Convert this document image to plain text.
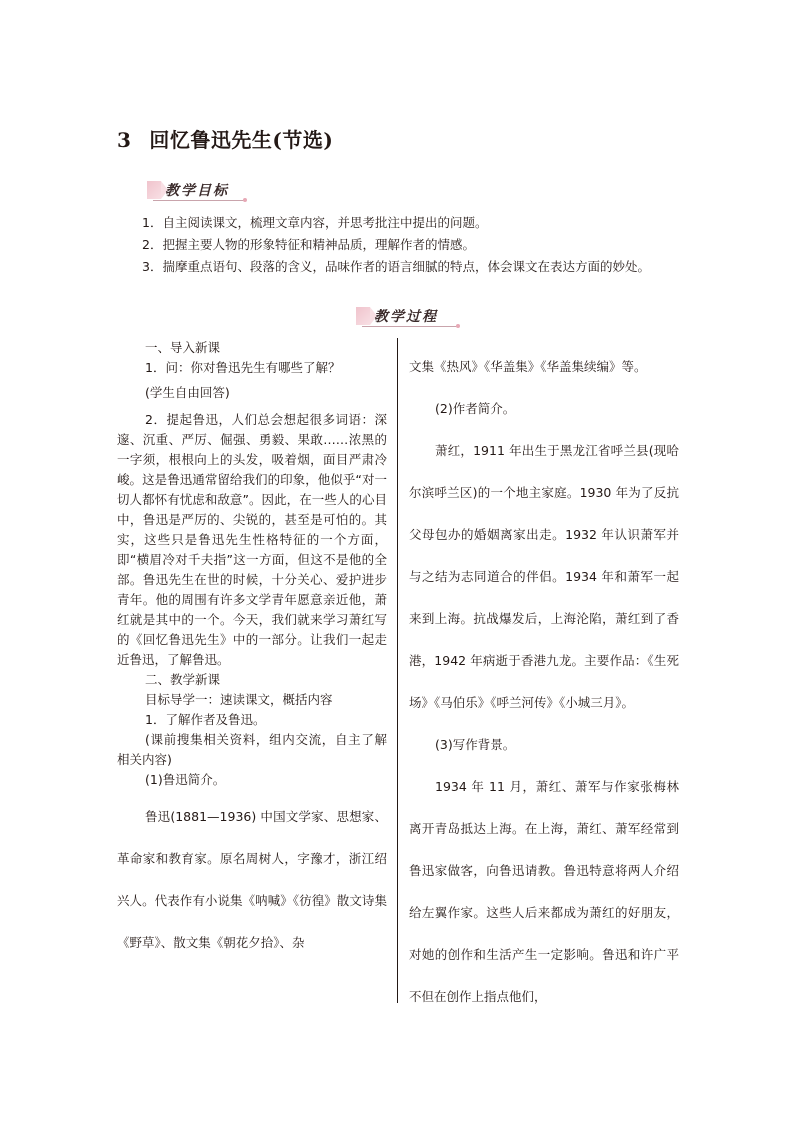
3 回忆鲁迅先生(节选)
教学目标

1．自主阅读课文，梳理文章内容，并思考批注中提出的问题。

2．把握主要人物的形象特征和精神品质，理解作者的情感。

3．揣摩重点语句、段落的含义，品味作者的语言细腻的特点，体会课文在表达方面的妙处。

教学过程

一、导入新课

1．问：你对鲁迅先生有哪些了解？

(学生自由回答)

2．提起鲁迅，人们总会想起很多词语：深邃、沉重、严厉、倔强、勇毅、果敢……浓黑的一字须，根根向上的头发，吸着烟，面目严肃冷峻。这是鲁迅通常留给我们的印象，他似乎“对一切人都怀有忧虑和敌意”。因此，在一些人的心目中，鲁迅是严厉的、尖锐的，甚至是可怕的。其实，这些只是鲁迅先生性格特征的一个方面，即“横眉冷对千夫指”这一方面，但这不是他的全部。鲁迅先生在世的时候，十分关心、爱护进步青年。他的周围有许多文学青年愿意亲近他，萧红就是其中的一个。今天，我们就来学习萧红写的《回忆鲁迅先生》中的一部分。让我们一起走近鲁迅，了解鲁迅。

二、教学新课

目标导学一：速读课文，概括内容

1．了解作者及鲁迅。

(课前搜集相关资料，组内交流，自主了解相关内容)

(1)鲁迅简介。

鲁迅(1881—1936) 中国文学家、思想家、革命家和教育家。原名周树人，字豫才，浙江绍兴人。代表作有小说集《呐喊》《彷徨》散文诗集《野草》、散文集《朝花夕拾》、杂

文集《热风》《华盖集》《华盖集续编》等。

(2)作者简介。

萧红，1911 年出生于黑龙江省呼兰县(现哈尔滨呼兰区)的一个地主家庭。1930 年为了反抗父母包办的婚姻离家出走。1932 年认识萧军并与之结为志同道合的伴侣。1934 年和萧军一起来到上海。抗战爆发后，上海沦陷，萧红到了香港，1942 年病逝于香港九龙。主要作品：《生死场》《马伯乐》《呼兰河传》《小城三月》。

(3)写作背景。

1934 年 11 月，萧红、萧军与作家张梅林离开青岛抵达上海。在上海，萧红、萧军经常到鲁迅家做客，向鲁迅请教。鲁迅特意将两人介绍给左翼作家。这些人后来都成为萧红的好朋友，对她的创作和生活产生一定影响。鲁迅和许广平不但在创作上指点他们，
